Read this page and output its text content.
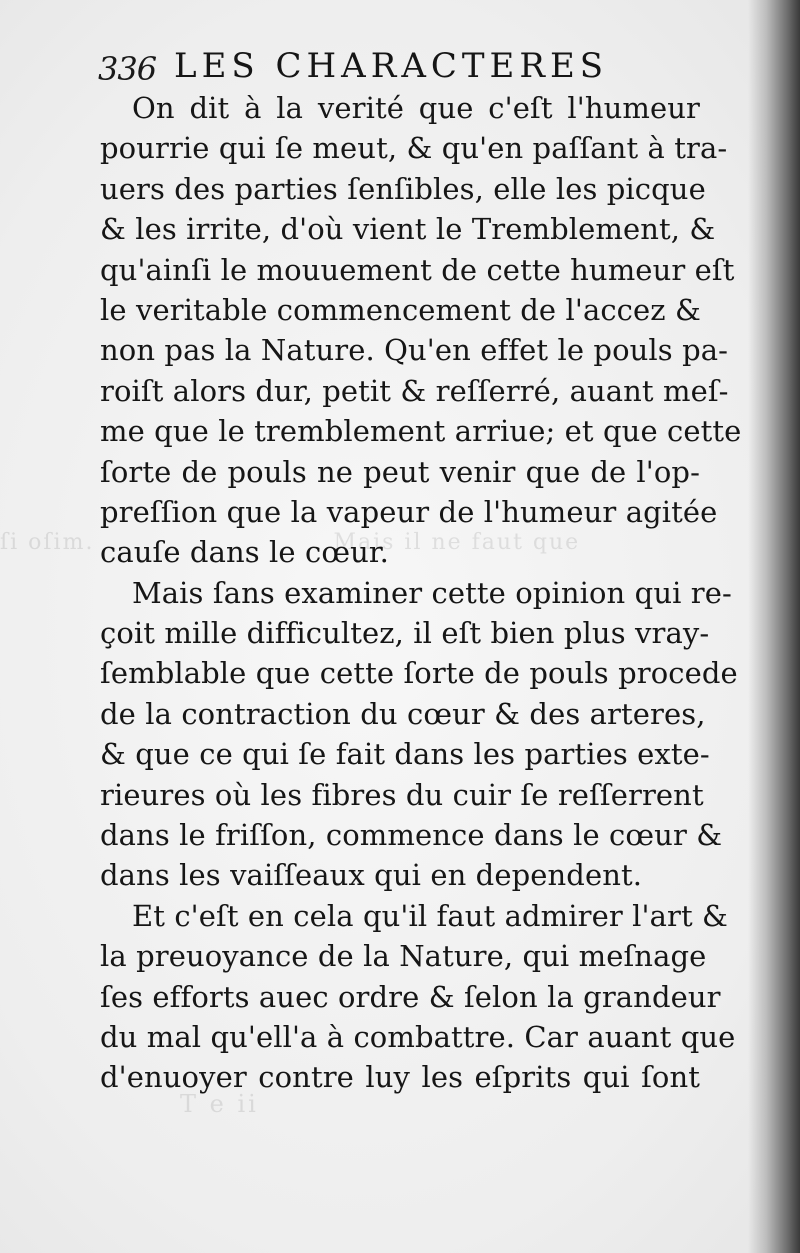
ſi oſim.	Mais il ne faut que
T e ii
336 LES CHARACTERES
On dit à la verité que c'eſt l'humeur
pourrie qui ſe meut, & qu'en paſſant à tra-
uers des parties ſenſibles, elle les picque
& les irrite, d'où vient le Tremblement, &
qu'ainſi le mouuement de cette humeur eſt
le veritable commencement de l'accez &
non pas la Nature. Qu'en effet le pouls pa-
roiſt alors dur, petit & reſſerré, auant meſ-
me que le tremblement arriue; et que cette
ſorte de pouls ne peut venir que de l'op-
preſſion que la vapeur de l'humeur agitée
cauſe dans le cœur.
Mais ſans examiner cette opinion qui re-
çoit mille difficultez, il eſt bien plus vray-
ſemblable que cette ſorte de pouls procede
de la contraction du cœur & des arteres,
& que ce qui ſe fait dans les parties exte-
rieures où les fibres du cuir ſe reſſerrent
dans le friſſon, commence dans le cœur &
dans les vaiſſeaux qui en dependent.
Et c'eſt en cela qu'il faut admirer l'art &
la preuoyance de la Nature, qui meſnage
ſes efforts auec ordre & ſelon la grandeur
du mal qu'ell'a à combattre. Car auant que
d'enuoyer contre luy les eſprits qui ſont
